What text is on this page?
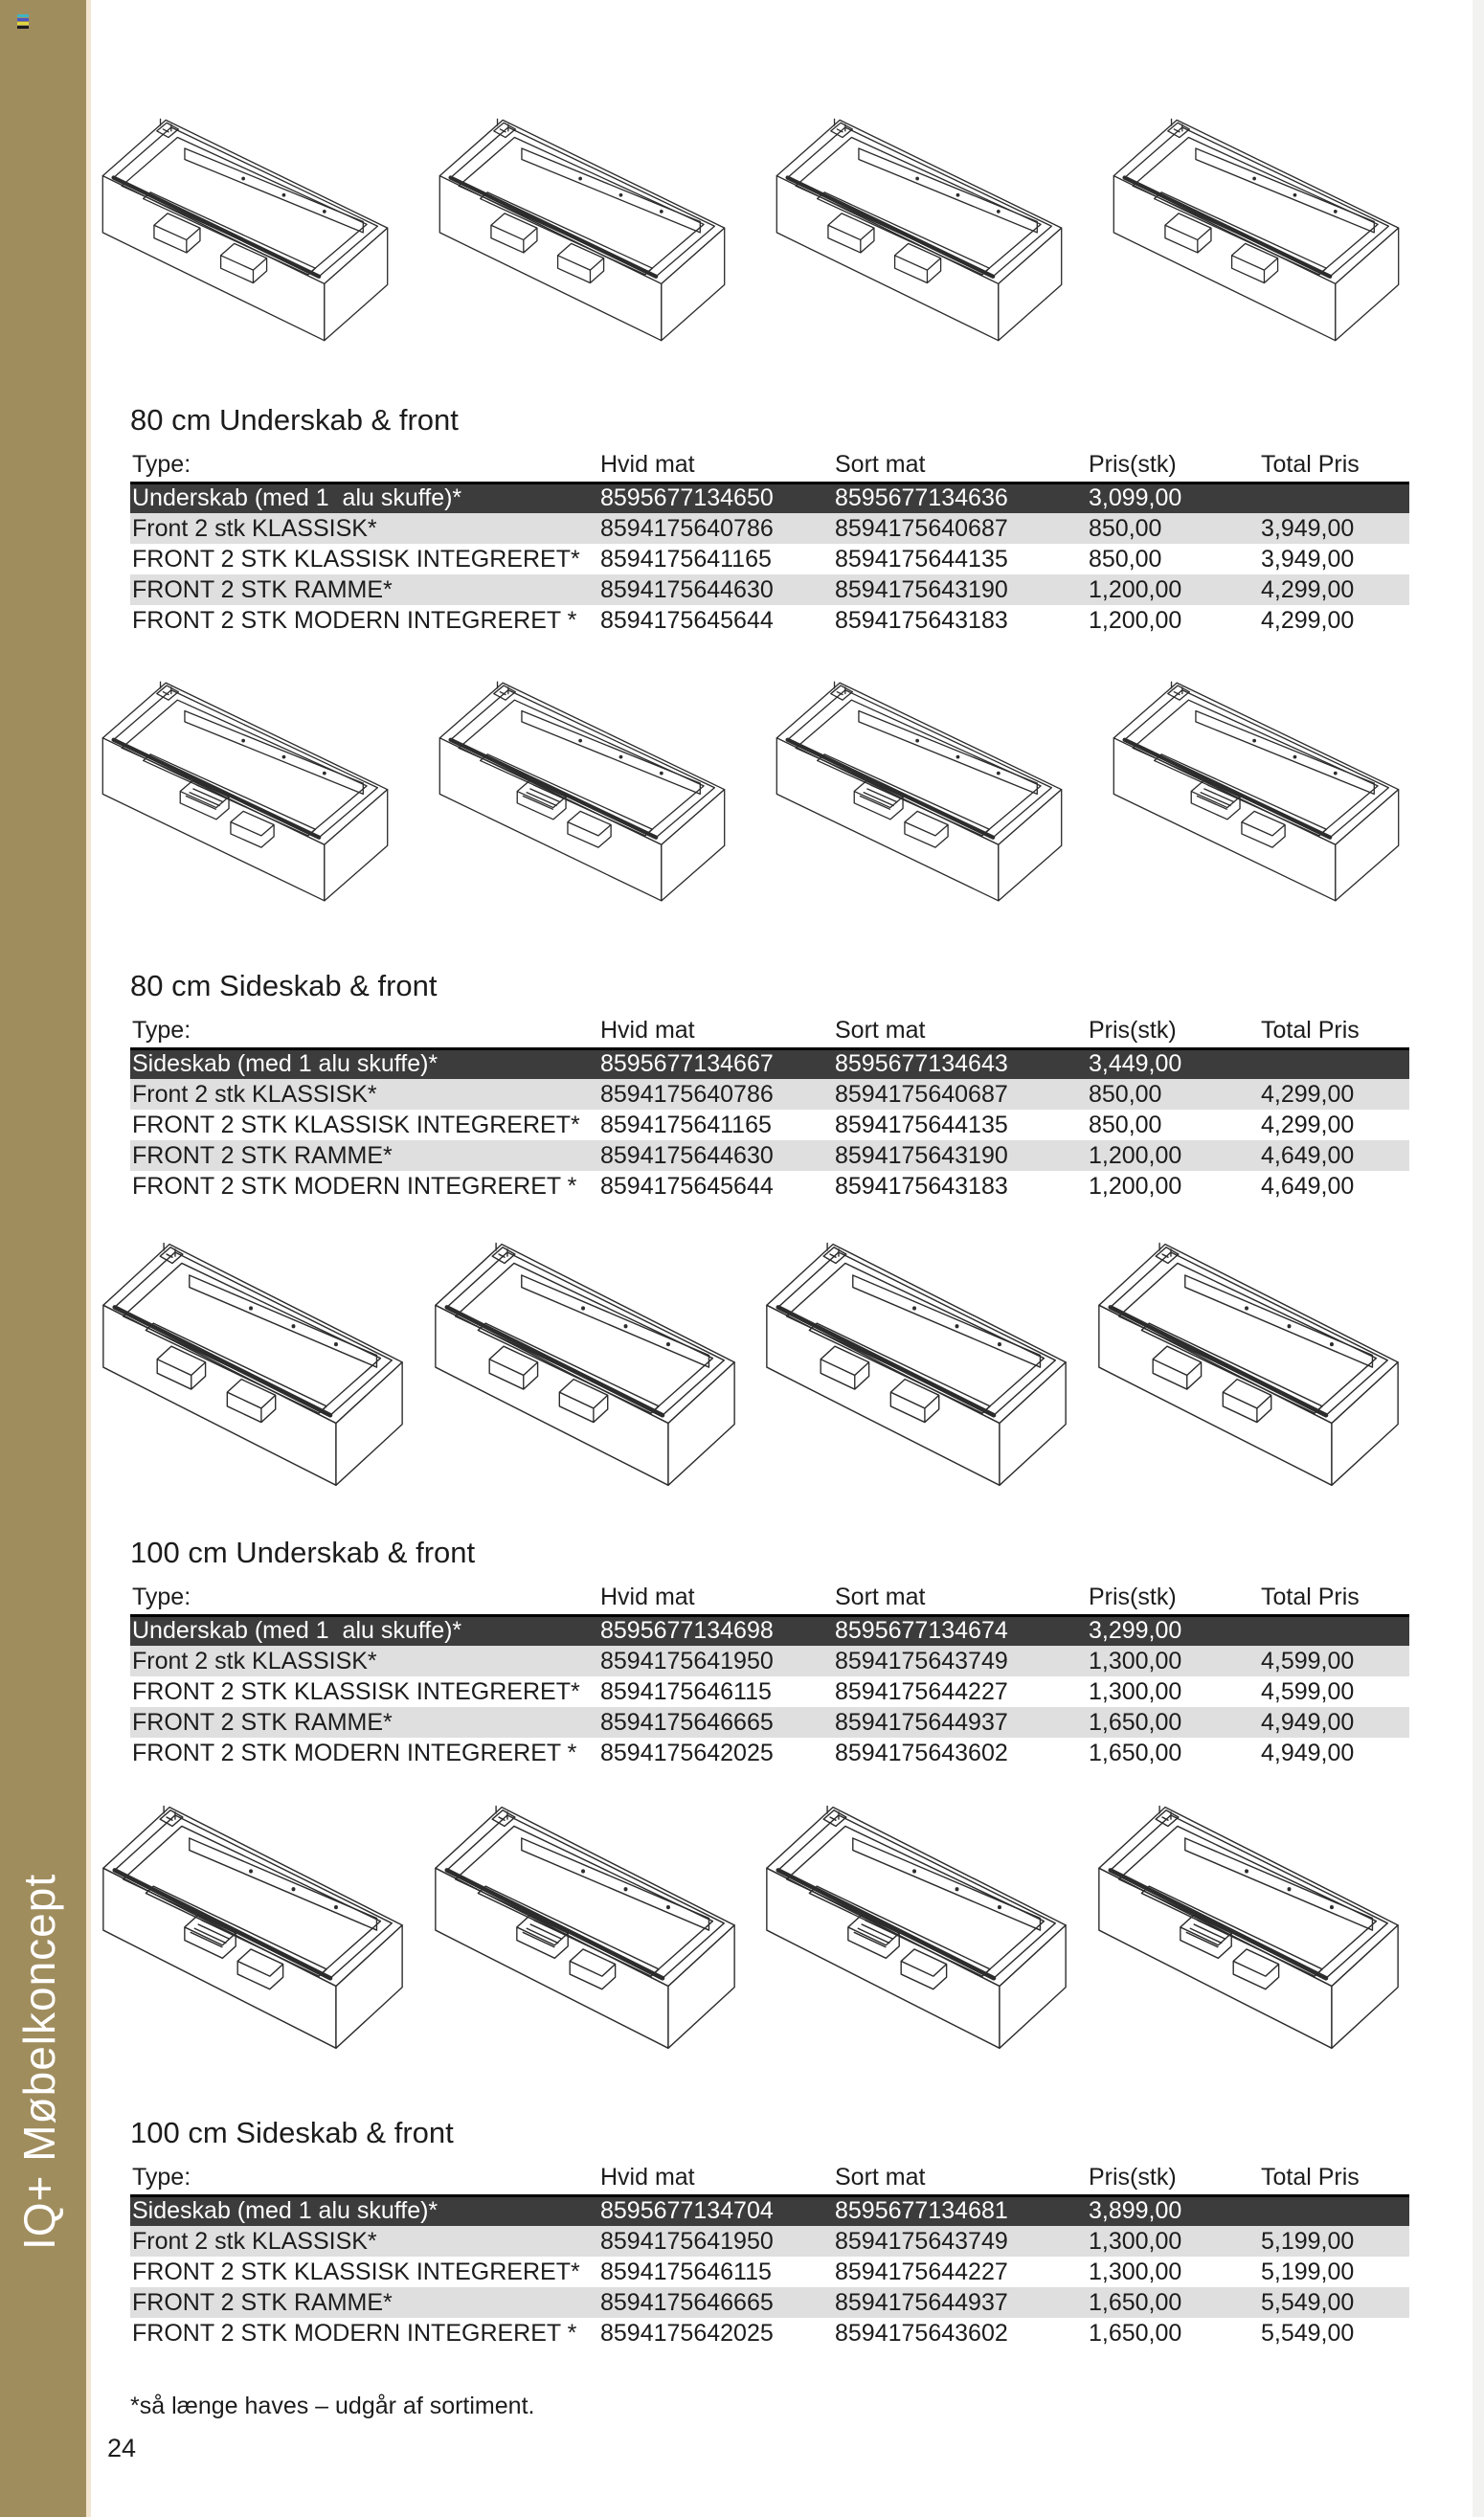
IQ+ Møbelkoncept
80 cm Underskab & front
Type:	Hvid mat	Sort mat	Pris(stk)	Total Pris
Underskab (med 1  alu skuffe)*	8595677134650	8595677134636	3,099,00	
Front 2 stk KLASSISK*	8594175640786	8594175640687	850,00	3,949,00
FRONT 2 STK KLASSISK INTEGRERET*	8594175641165	8594175644135	850,00	3,949,00
FRONT 2 STK RAMME*	8594175644630	8594175643190	1,200,00	4,299,00
FRONT 2 STK MODERN INTEGRERET *	8594175645644	8594175643183	1,200,00	4,299,00
80 cm Sideskab & front
Type:	Hvid mat	Sort mat	Pris(stk)	Total Pris
Sideskab (med 1 alu skuffe)*	8595677134667	8595677134643	3,449,00	
Front 2 stk KLASSISK*	8594175640786	8594175640687	850,00	4,299,00
FRONT 2 STK KLASSISK INTEGRERET*	8594175641165	8594175644135	850,00	4,299,00
FRONT 2 STK RAMME*	8594175644630	8594175643190	1,200,00	4,649,00
FRONT 2 STK MODERN INTEGRERET *	8594175645644	8594175643183	1,200,00	4,649,00
100 cm Underskab & front
Type:	Hvid mat	Sort mat	Pris(stk)	Total Pris
Underskab (med 1  alu skuffe)*	8595677134698	8595677134674	3,299,00	
Front 2 stk KLASSISK*	8594175641950	8594175643749	1,300,00	4,599,00
FRONT 2 STK KLASSISK INTEGRERET*	8594175646115	8594175644227	1,300,00	4,599,00
FRONT 2 STK RAMME*	8594175646665	8594175644937	1,650,00	4,949,00
FRONT 2 STK MODERN INTEGRERET *	8594175642025	8594175643602	1,650,00	4,949,00
100 cm Sideskab & front
Type:	Hvid mat	Sort mat	Pris(stk)	Total Pris
Sideskab (med 1 alu skuffe)*	8595677134704	8595677134681	3,899,00	
Front 2 stk KLASSISK*	8594175641950	8594175643749	1,300,00	5,199,00
FRONT 2 STK KLASSISK INTEGRERET*	8594175646115	8594175644227	1,300,00	5,199,00
FRONT 2 STK RAMME*	8594175646665	8594175644937	1,650,00	5,549,00
FRONT 2 STK MODERN INTEGRERET *	8594175642025	8594175643602	1,650,00	5,549,00
*så længe haves – udgår af sortiment.
24
